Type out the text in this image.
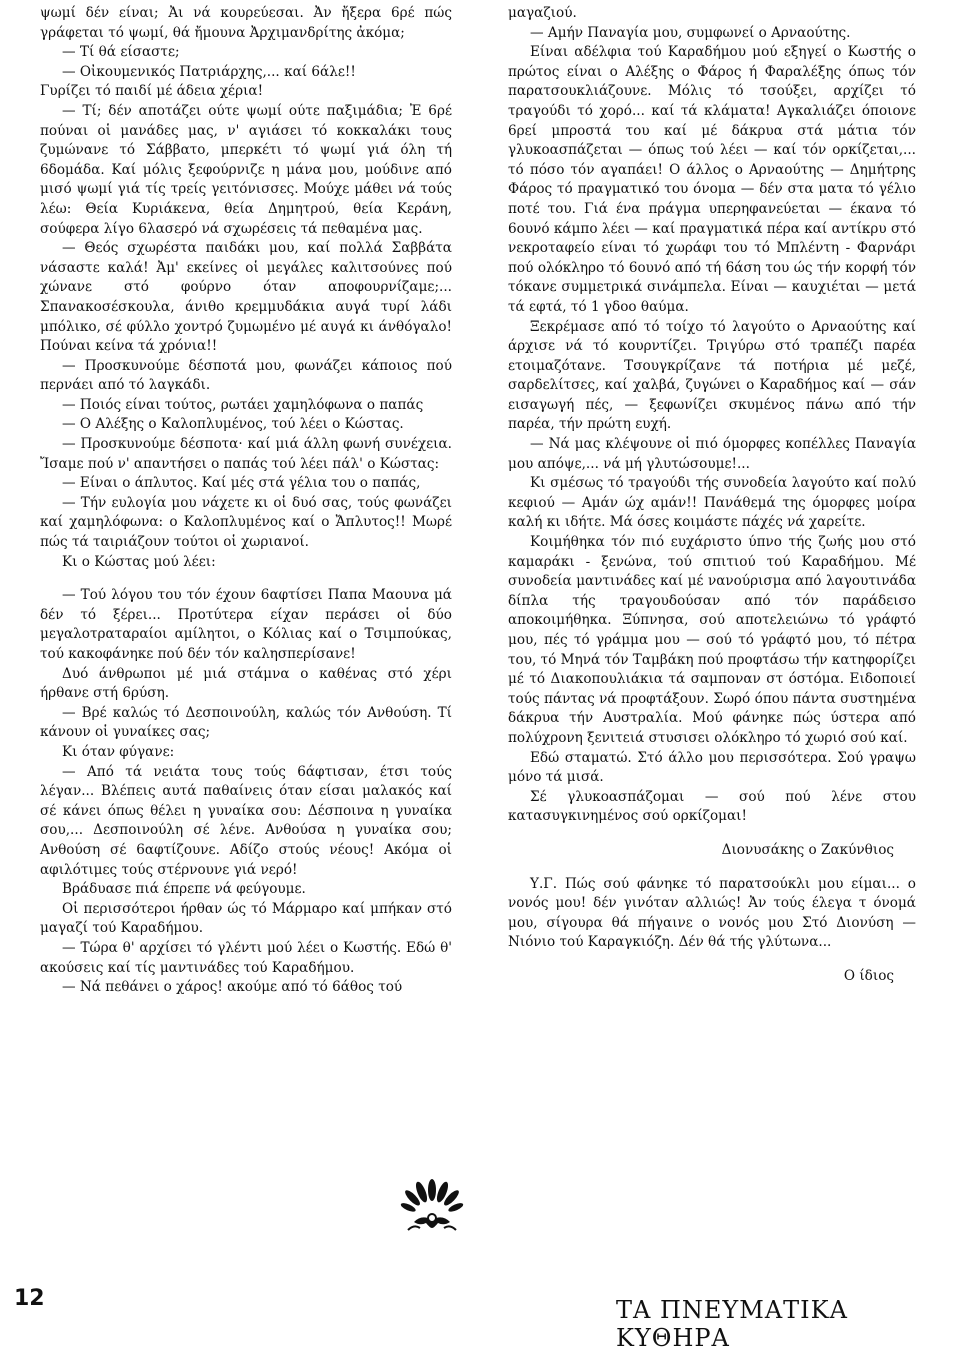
ψωμί δέν είναι; Ἀι νά κουρεύεσαι. Ἀν ἤξερα 6ρέ πώς γράφεται τό ψωμί, θά ἤμουνα Ἀρχιμανδρίτης ἀκόμα;

— Τί θά είσαστε;

— Οἰκουμενικός Πατριάρχης,... καί 6άλε!!

Γυρίζει τό παιδί μέ άδεια χέρια!

— Τί; δέν αποτάζει ούτε ψωμί ούτε παξιμάδια; Ἐ 6ρέ πούναι οἱ μανάδες μας, ν' αγιάσει τό κοκκαλάκι τους ζυμώνανε τό Σάββατο, μπερκέτι τό ψωμί γιά όλη τή 6δομάδα. Καί μόλις ξεφούρνιζε η μάνα μου, μούδινε από μισό ψωμί γιά τίς τρείς γειτόνισσες. Μούχε μάθει νά τούς λέω: Θεία Κυριάκενα, θεία Δημητρού, θεία Κεράνη, σούφερα λίγο 6λασερό νά σχωρέσεις τά πεθαμένα μας.

— Θεός σχωρέστα παιδάκι μου, καί πολλά Σαββάτα νάσαστε καλά! Ἀμ' εκείνες οἱ μεγάλες καλιτσούνες πού χώνανε στό φούρνο όταν αποφουρνίζαμε;... Σπανακοσέσκουλα, άνιθο κρεμμυδάκια αυγά τυρί λάδι μπόλικο, σέ φύλλο χοντρό ζυμωμένο μέ αυγά κι άνθόγαλο! Πούναι κείνα τά χρόνια!!

— Προσκυνούμε δέσποτά μου, φωνάζει κάποιος πού περνάει από τό λαγκάδι.

— Ποιός είναι τούτος, ρωτάει χαμηλόφωνα ο παπάς

— Ο Αλέξης ο Καλοπλυμένος, τού λέει ο Κώστας.

— Προσκυνούμε δέσποτα· καί μιά άλλη φωνή συνέχεια. Ἴσαμε πού ν' απαντήσει ο παπάς τού λέει πάλ' ο Κώστας:

— Είναι ο άπλυτος. Καί μές στά γέλια του ο παπάς,

— Τήν ευλογία μου νάχετε κι οἱ δυό σας, τούς φωνάζει καί χαμηλόφωνα: ο Καλοπλυμένος καί ο Ἄπλυτος!! Μωρέ πώς τά ταιριάζουν τούτοι οἱ χωριανοί.

Κι ο Κώστας μού λέει:

— Τού λόγου του τόν έχουν 6αφτίσει Παπα Μαουνα μά δέν τό ξέρει... Προτύτερα είχαν περάσει οἱ δύο μεγαλοτραταραίοι αμίλητοι, ο Κόλιας καί ο Τσιμπούκας, τού κακοφάνηκε πού δέν τόν καλησπερίσανε!

Δυό άνθρωποι μέ μιά στάμνα ο καθένας στό χέρι ήρθανε στή 6ρύση.

— Βρέ καλώς τό Δεσποινούλη, καλώς τόν Ανθούση. Τί κάνουν οἱ γυναίκες σας;

Κι όταν φύγανε:

— Από τά νειάτα τους τούς 6άφτισαν, έτσι τούς λέγαν... Βλέπεις αυτά παθαίνεις όταν είσαι μαλακός καί σέ κάνει όπως θέλει η γυναίκα σου: Δέσποινα η γυναίκα σου,... Δεσποινούλη σέ λένε. Ανθούσα η γυναίκα σου; Ανθούση σέ 6αφτίζουνε. Αδίζο στούς νέους! Ακόμα οἱ αφιλότιμες τούς στέρνουνε γιά νερό!

Βράδυασε πιά έπρεπε νά φεύγουμε.

Οἱ περισσότεροι ήρθαν ώς τό Μάρμαρο καί μπήκαν στό μαγαζί τού Καραδήμου.

— Τώρα θ' αρχίσει τό γλέντι μού λέει ο Κωστής. Εδώ θ' ακούσεις καί τίς μαντινάδες τού Καραδήμου.

— Νά πεθάνει ο χάρος! ακούμε από τό 6άθος τού

μαγαζιού.

— Αμήν Παναγία μου, συμφωνεί ο Αρναούτης.

Είναι αδέλφια τού Καραδήμου μού εξηγεί ο Κωστής ο πρώτος είναι ο Αλέξης ο Φάρος ή Φαραλέξης όπως τόν παρατσουκλιάζουνε. Μόλις τό τσούξει, αρχίζει τό τραγούδι τό χορό... καί τά κλάματα! Αγκαλιάζει όποιονε 6ρεί μπροστά του καί μέ δάκρυα στά μάτια τόν γλυκοασπάζεται — όπως τού λέει — καί τόν ορκίζεται,... τό πόσο τόν αγαπάει! Ο άλλος ο Αρναούτης — Δημήτρης Φάρος τό πραγματικό του όνομα — δέν στα ματα τό γέλιο ποτέ του. Γιά ένα πράγμα υπερηφανεύεται — έκανα τό 6ουνό κάμπο λέει — καί πραγματικά πέρα καί αντίκρυ στό νεκροταφείο είναι τό χωράφι του τό Μπλέντη - Φαρνάρι πού ολόκληρο τό 6ουνό από τή 6άση του ώς τήν κορφή τόν τόκανε συμμετρικά σινάμπελα. Είναι — καυχιέται — μετά τά εφτά, τό 1 γδοο θαύμα.

Ξεκρέμασε από τό τοίχο τό λαγούτο ο Αρναούτης καί άρχισε νά τό κουρντίζει. Τριγύρω στό τραπέζι παρέα ετοιμαζότανε. Τσουγκρίζανε τά ποτήρια μέ μεζέ, σαρδελίτσες, καί χαλβά, ζυγώνει ο Καραδήμος καί — σάν εισαγωγή πές, — ξεφωνίζει σκυμένος πάνω από τήν παρέα, τήν πρώτη ευχή.

— Νά μας κλέψουνε οἱ πιό όμορφες κοπέλλες Παναγία μου απόψε,... νά μή γλυτώσουμε!...

Κι σμέσως τό τραγούδι τής συνοδεία λαγούτο καί πολύ κεφιού — Αμάν ώχ αμάν!! Πανάθεμά της όμορφες μοίρα καλή κι ιδήτε. Μά όσες κοιμάστε πάχές νά χαρείτε.

Κοιμήθηκα τόν πιό ευχάριστο ύπνο τής ζωής μου στό καμαράκι - ξενώνα, τού σπιτιού τού Καραδήμου. Μέ συνοδεία μαντινάδες καί μέ νανούρισμα από λαγουτινάδα δίπλα τής τραγουδούσαν από τόν παράδεισο αποκοιμήθηκα. Ξύπνησα, σού αποτελειώνω τό γράφτό μου, πές τό γράμμα μου — σού τό γράφτό μου, τό πέτρα του, τό Μηνά τόν Ταμβάκη πού προφτάσω τήν κατηφορίζει μέ τό Διακοπουλιάκια τά σαμποναν στ όστόμα. Ειδοποιεί τούς πάντας νά προφτάξουν. Σωρό όπου πάντα συστημένα δάκρυα τήν Αυστραλία. Μού φάνηκε πώς ύστερα από πολύχρονη ξενιτειά στυσισει ολόκληρο τό χωριό σού καί.

Εδώ σταματώ. Στό άλλο μου περισσότερα. Σού γραψω μόνο τά μισά.

Σέ γλυκοασπάζομαι — σού πού λένε στου κατασυγκινημένος σού ορκίζομαι!

Διονυσάκης ο Ζακύνθιος

Υ.Γ. Πώς σού φάνηκε τό παρατσούκλι μου είμαι... ο νονός μου! δέν γινόταν αλλιώς! Ἀν τούς έλεγα τ όνομά μου, σίγουρα θά πήγαινε ο νονός μου Στό Διονύση — Νιόνιο τού Καραγκιόζη. Δέν θά τής γλύτωνα...

Ο ίδιος

12	ΤΑ ΠΝΕΥΜΑΤΙΚΑ ΚΥΘΗΡΑ
